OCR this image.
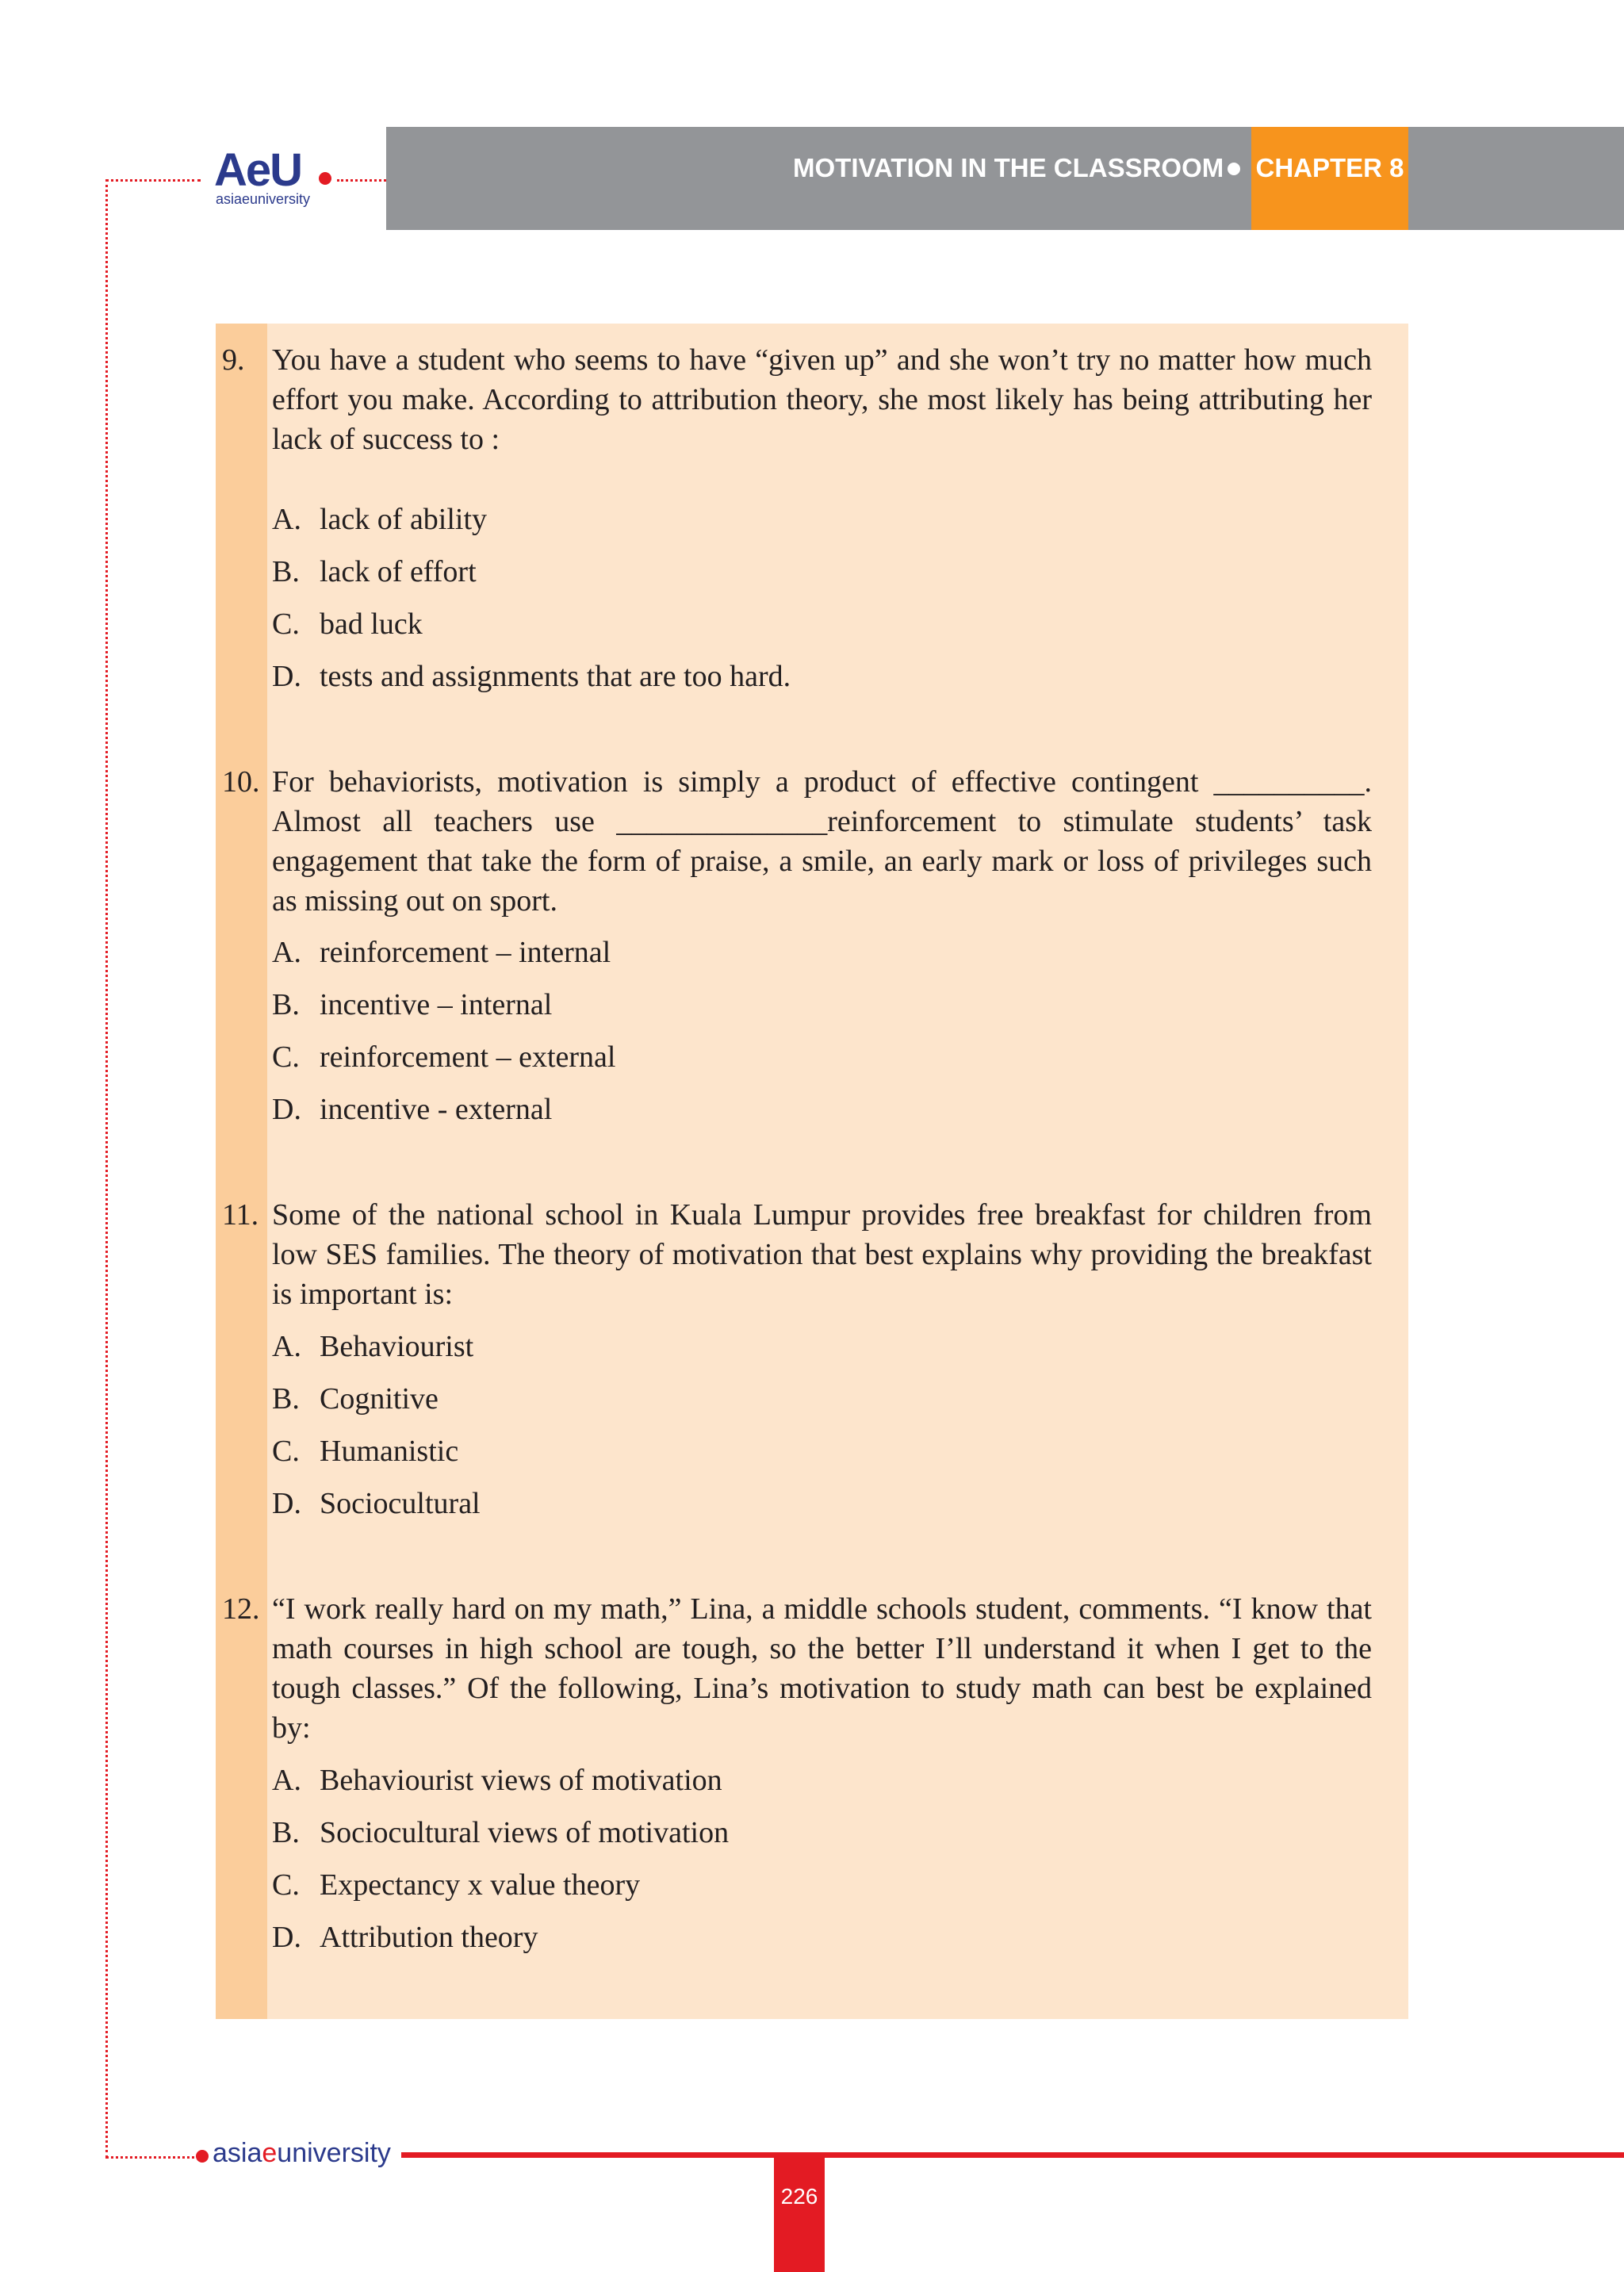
AeU
asiaeuniversity
MOTIVATION IN THE CLASSROOM CHAPTER 8
9. You have a student who seems to have “given up” and she won’t try no matter how much effort you make. According to attribution theory, she most likely has being attributing her lack of success to :
A. lack of ability
B. lack of effort
C. bad luck
D. tests and assignments that are too hard.
10. For behaviorists, motivation is simply a product of effective contingent __________. Almost all teachers use ______________reinforcement to stimulate students’ task engagement that take the form of praise, a smile, an early mark or loss of privileges such as missing out on sport.
A. reinforcement – internal
B. incentive – internal
C. reinforcement – external
D. incentive - external
11. Some of the national school in Kuala Lumpur provides free breakfast for children from low SES families. The theory of motivation that best explains why providing the breakfast is important is:
A. Behaviourist
B. Cognitive
C. Humanistic
D. Sociocultural
12. “I work really hard on my math,” Lina, a middle schools student, comments. “I know that math courses in high school are tough, so the better I’ll understand it when I get to the tough classes.” Of the following, Lina’s motivation to study math can best be explained by:
A. Behaviourist views of motivation
B. Sociocultural views of motivation
C. Expectancy x value theory
D. Attribution theory
asiaeuniversity
226
